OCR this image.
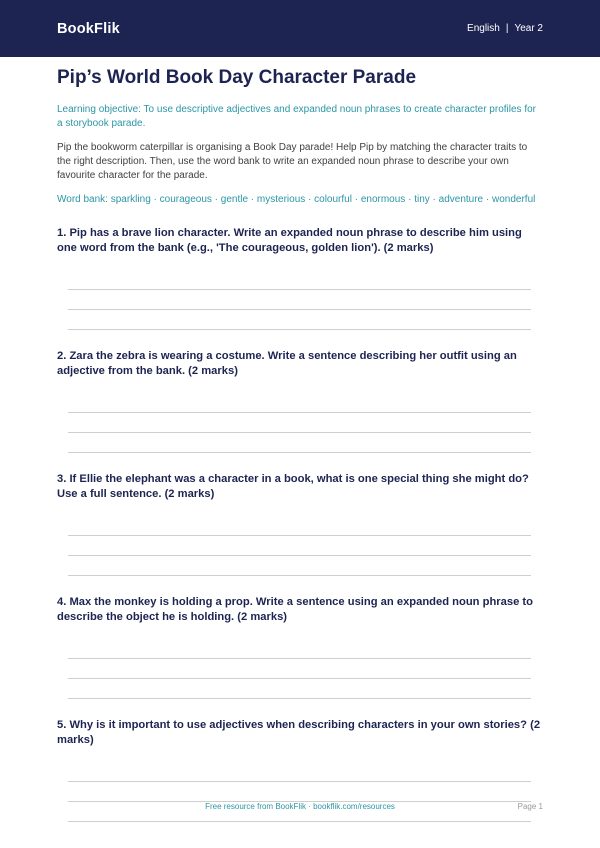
BookFlik	English | Year 2
Pip’s World Book Day Character Parade

Learning objective: To use descriptive adjectives and expanded noun phrases to create character profiles for a storybook parade.

Pip the bookworm caterpillar is organising a Book Day parade! Help Pip by matching the character traits to the right description. Then, use the word bank to write an expanded noun phrase to describe your own favourite character for the parade.

Word bank: sparkling · courageous · gentle · mysterious · colourful · enormous · tiny · adventure · wonderful

1. Pip has a brave lion character. Write an expanded noun phrase to describe him using one word from the bank (e.g., 'The courageous, golden lion'). (2 marks)
2. Zara the zebra is wearing a costume. Write a sentence describing her outfit using an adjective from the bank. (2 marks)
3. If Ellie the elephant was a character in a book, what is one special thing she might do? Use a full sentence. (2 marks)
4. Max the monkey is holding a prop. Write a sentence using an expanded noun phrase to describe the object he is holding. (2 marks)
5. Why is it important to use adjectives when describing characters in your own stories? (2 marks)
Free resource from BookFlik · bookflik.com/resources	Page 1
